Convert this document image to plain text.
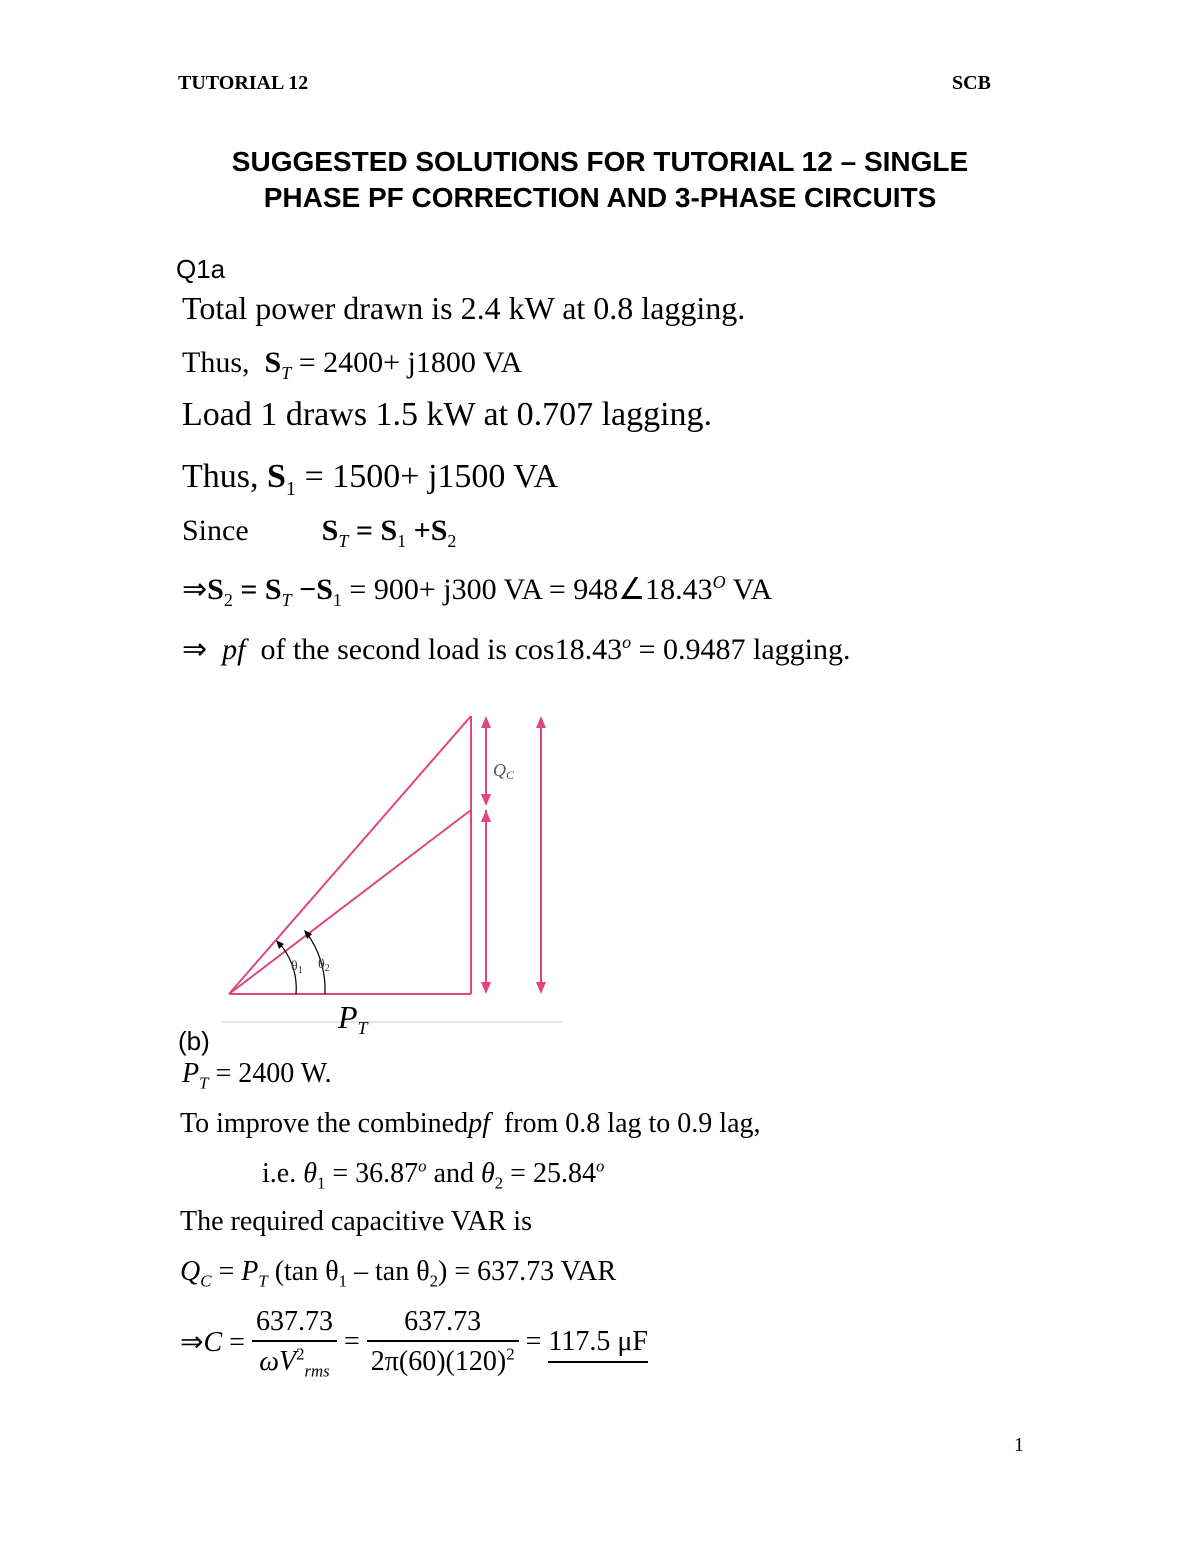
TUTORIAL 12	SCB
SUGGESTED SOLUTIONS FOR TUTORIAL 12 – SINGLE
PHASE PF CORRECTION AND 3-PHASE CIRCUITS
Q1a
Total power drawn is 2.4 kW at 0.8 lagging.
Thus,  $S_T = 2400+ j1800$ VA
Load 1 draws 1.5 kW at 0.707 lagging.
Thus, $S_1 = 1500+ j1500$ VA
Since $S_T = S_1 +S_2$
$\Rightarrow S_2 = S_T -S_1 = 900+ j300$ VA = $948\angle 18.43^O$ VA
⇒  pf of the second load is $\cos 18.43^o = 0.9487$ lagging.
QC
$\theta_1$ $\theta_2$
PT
(b)
$P_T = 2400$ W.
To improve the combinedpf from 0.8 lag to 0.9 lag,
i.e. $\theta_1 = 36.87^o$ and $\theta_2 = 25.84^o$
The required capacitive VAR is
$Q_C = P_T$ (tan $\theta_1 - \tan \theta_2) = 637.73$ VAR
⇒C = $\frac{637.73}{\omega V^2_{rms}} = \frac{637.73}{2\pi(60)(120)^2} = 117.5$ μF
1
